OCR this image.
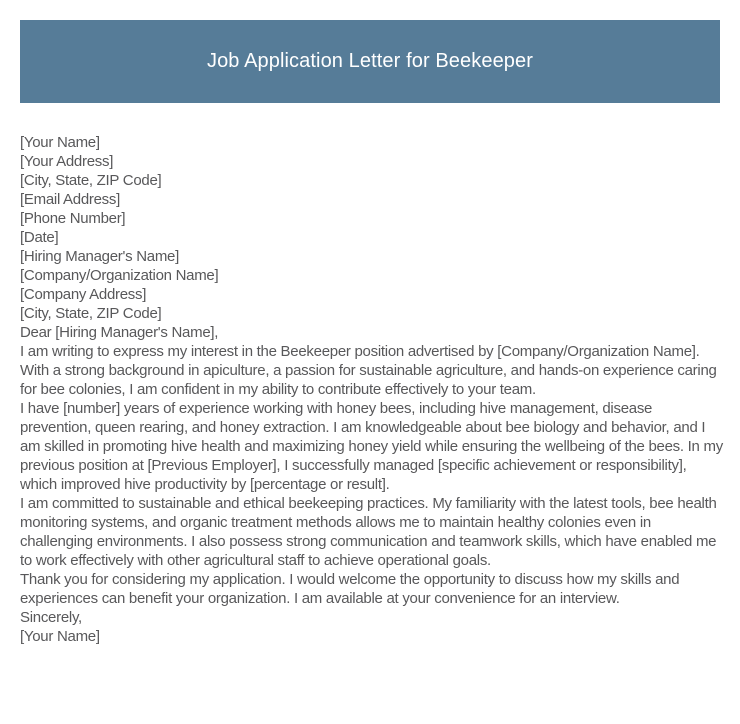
Job Application Letter for Beekeeper

[Your Name]

[Your Address]

[City, State, ZIP Code]

[Email Address]

[Phone Number]

[Date]

[Hiring Manager's Name]

[Company/Organization Name]

[Company Address]

[City, State, ZIP Code]

Dear [Hiring Manager's Name],

I am writing to express my interest in the Beekeeper position advertised by [Company/Organization Name]. With a strong background in apiculture, a passion for sustainable agriculture, and hands-on experience caring for bee colonies, I am confident in my ability to contribute effectively to your team.

I have [number] years of experience working with honey bees, including hive management, disease prevention, queen rearing, and honey extraction. I am knowledgeable about bee biology and behavior, and I am skilled in promoting hive health and maximizing honey yield while ensuring the wellbeing of the bees. In my previous position at [Previous Employer], I successfully managed [specific achievement or responsibility], which improved hive productivity by [percentage or result].

I am committed to sustainable and ethical beekeeping practices. My familiarity with the latest tools, bee health monitoring systems, and organic treatment methods allows me to maintain healthy colonies even in challenging environments. I also possess strong communication and teamwork skills, which have enabled me to work effectively with other agricultural staff to achieve operational goals.

Thank you for considering my application. I would welcome the opportunity to discuss how my skills and experiences can benefit your organization. I am available at your convenience for an interview.

Sincerely,

[Your Name]
